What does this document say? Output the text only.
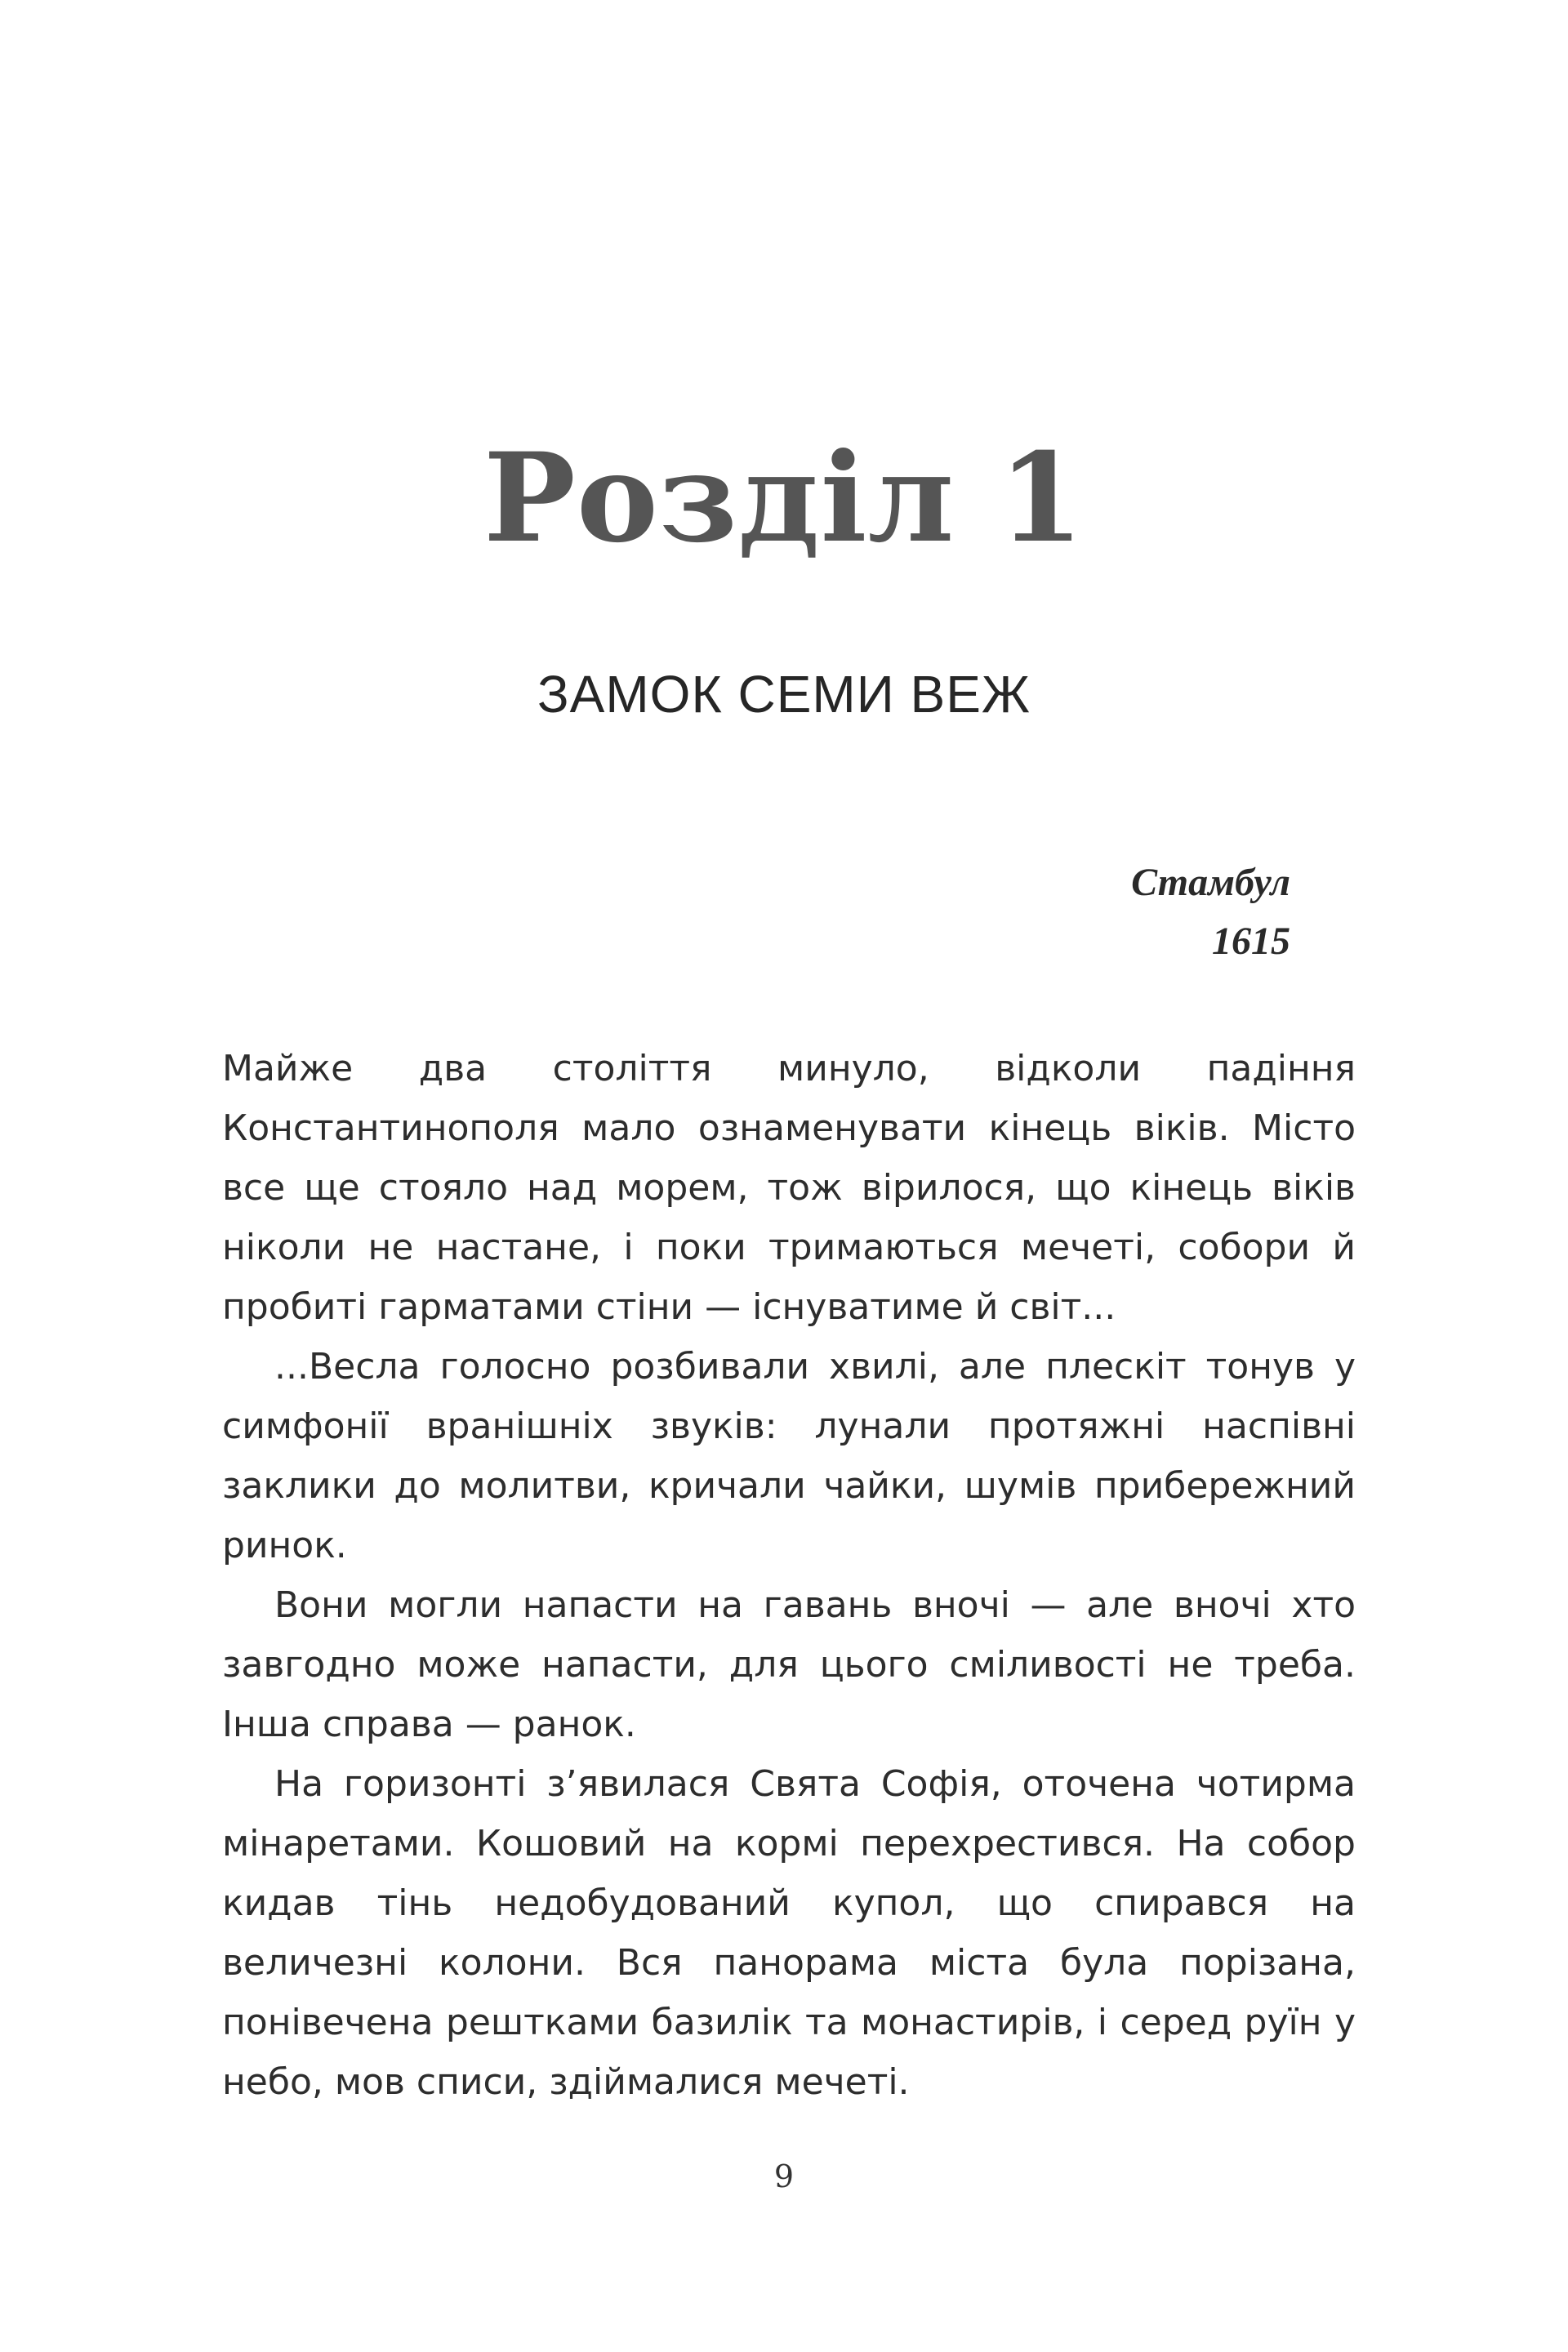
Розділ 1
ЗАМОК СЕМИ ВЕЖ
Стамбул
1615

Майже два століття минуло, відколи падіння Константинополя мало ознаменувати кінець віків. Місто все ще стояло над морем, тож вірилося, що кінець віків ніколи не настане, і поки тримаються мечеті, собори й пробиті гарматами стіни — існуватиме й світ...

...Весла голосно розбивали хвилі, але плескіт тонув у симфонії вранішніх звуків: лунали протяжні наспівні заклики до молитви, кричали чайки, шумів прибережний ринок.

Вони могли напасти на гавань вночі — але вночі хто завгодно може напасти, для цього сміливості не треба. Інша справа — ранок.

На горизонті з’явилася Свята Софія, оточена чотирма мінаретами. Кошовий на кормі перехрестився. На собор кидав тінь недобудований купол, що спирався на величезні колони. Вся панорама міста була порізана, понівечена рештками базилік та монастирів, і серед руїн у небо, мов списи, здіймалися мечеті.

9
